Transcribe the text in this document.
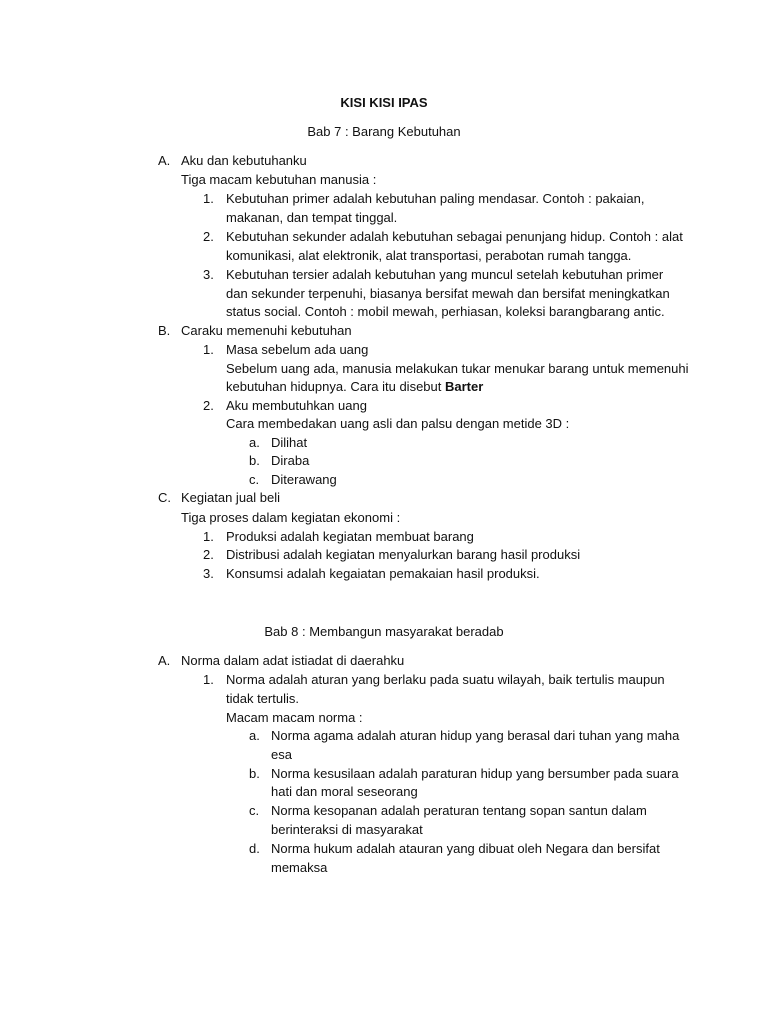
KISI KISI IPAS
Bab 7 : Barang Kebutuhan
A. Aku dan kebutuhanku
Tiga macam kebutuhan manusia :
1. Kebutuhan primer adalah kebutuhan paling mendasar. Contoh : pakaian,
makanan, dan tempat tinggal.
2. Kebutuhan sekunder adalah kebutuhan sebagai penunjang hidup. Contoh : alat
komunikasi, alat elektronik, alat transportasi, perabotan rumah tangga.
3. Kebutuhan tersier adalah kebutuhan yang muncul setelah kebutuhan primer
dan sekunder terpenuhi, biasanya bersifat mewah dan bersifat meningkatkan
status social. Contoh : mobil mewah, perhiasan, koleksi barangbarang antic.
B. Caraku memenuhi kebutuhan
1. Masa sebelum ada uang
Sebelum uang ada, manusia melakukan tukar menukar barang untuk memenuhi
kebutuhan hidupnya. Cara itu disebut Barter
2. Aku membutuhkan uang
Cara membedakan uang asli dan palsu dengan metide 3D :
a. Dilihat
b. Diraba
c. Diterawang
C. Kegiatan jual beli
Tiga proses dalam kegiatan ekonomi :
1. Produksi adalah kegiatan membuat barang
2. Distribusi adalah kegiatan menyalurkan barang hasil produksi
3. Konsumsi adalah kegaiatan pemakaian hasil produksi.
Bab 8 : Membangun masyarakat beradab
A. Norma dalam adat istiadat di daerahku
1. Norma adalah aturan yang berlaku pada suatu wilayah, baik tertulis maupun
tidak tertulis.
Macam macam norma :
a. Norma agama adalah aturan hidup yang berasal dari tuhan yang maha
esa
b. Norma kesusilaan adalah paraturan hidup yang bersumber pada suara
hati dan moral seseorang
c. Norma kesopanan adalah peraturan tentang sopan santun dalam
berinteraksi di masyarakat
d. Norma hukum adalah atauran yang dibuat oleh Negara dan bersifat
memaksa
